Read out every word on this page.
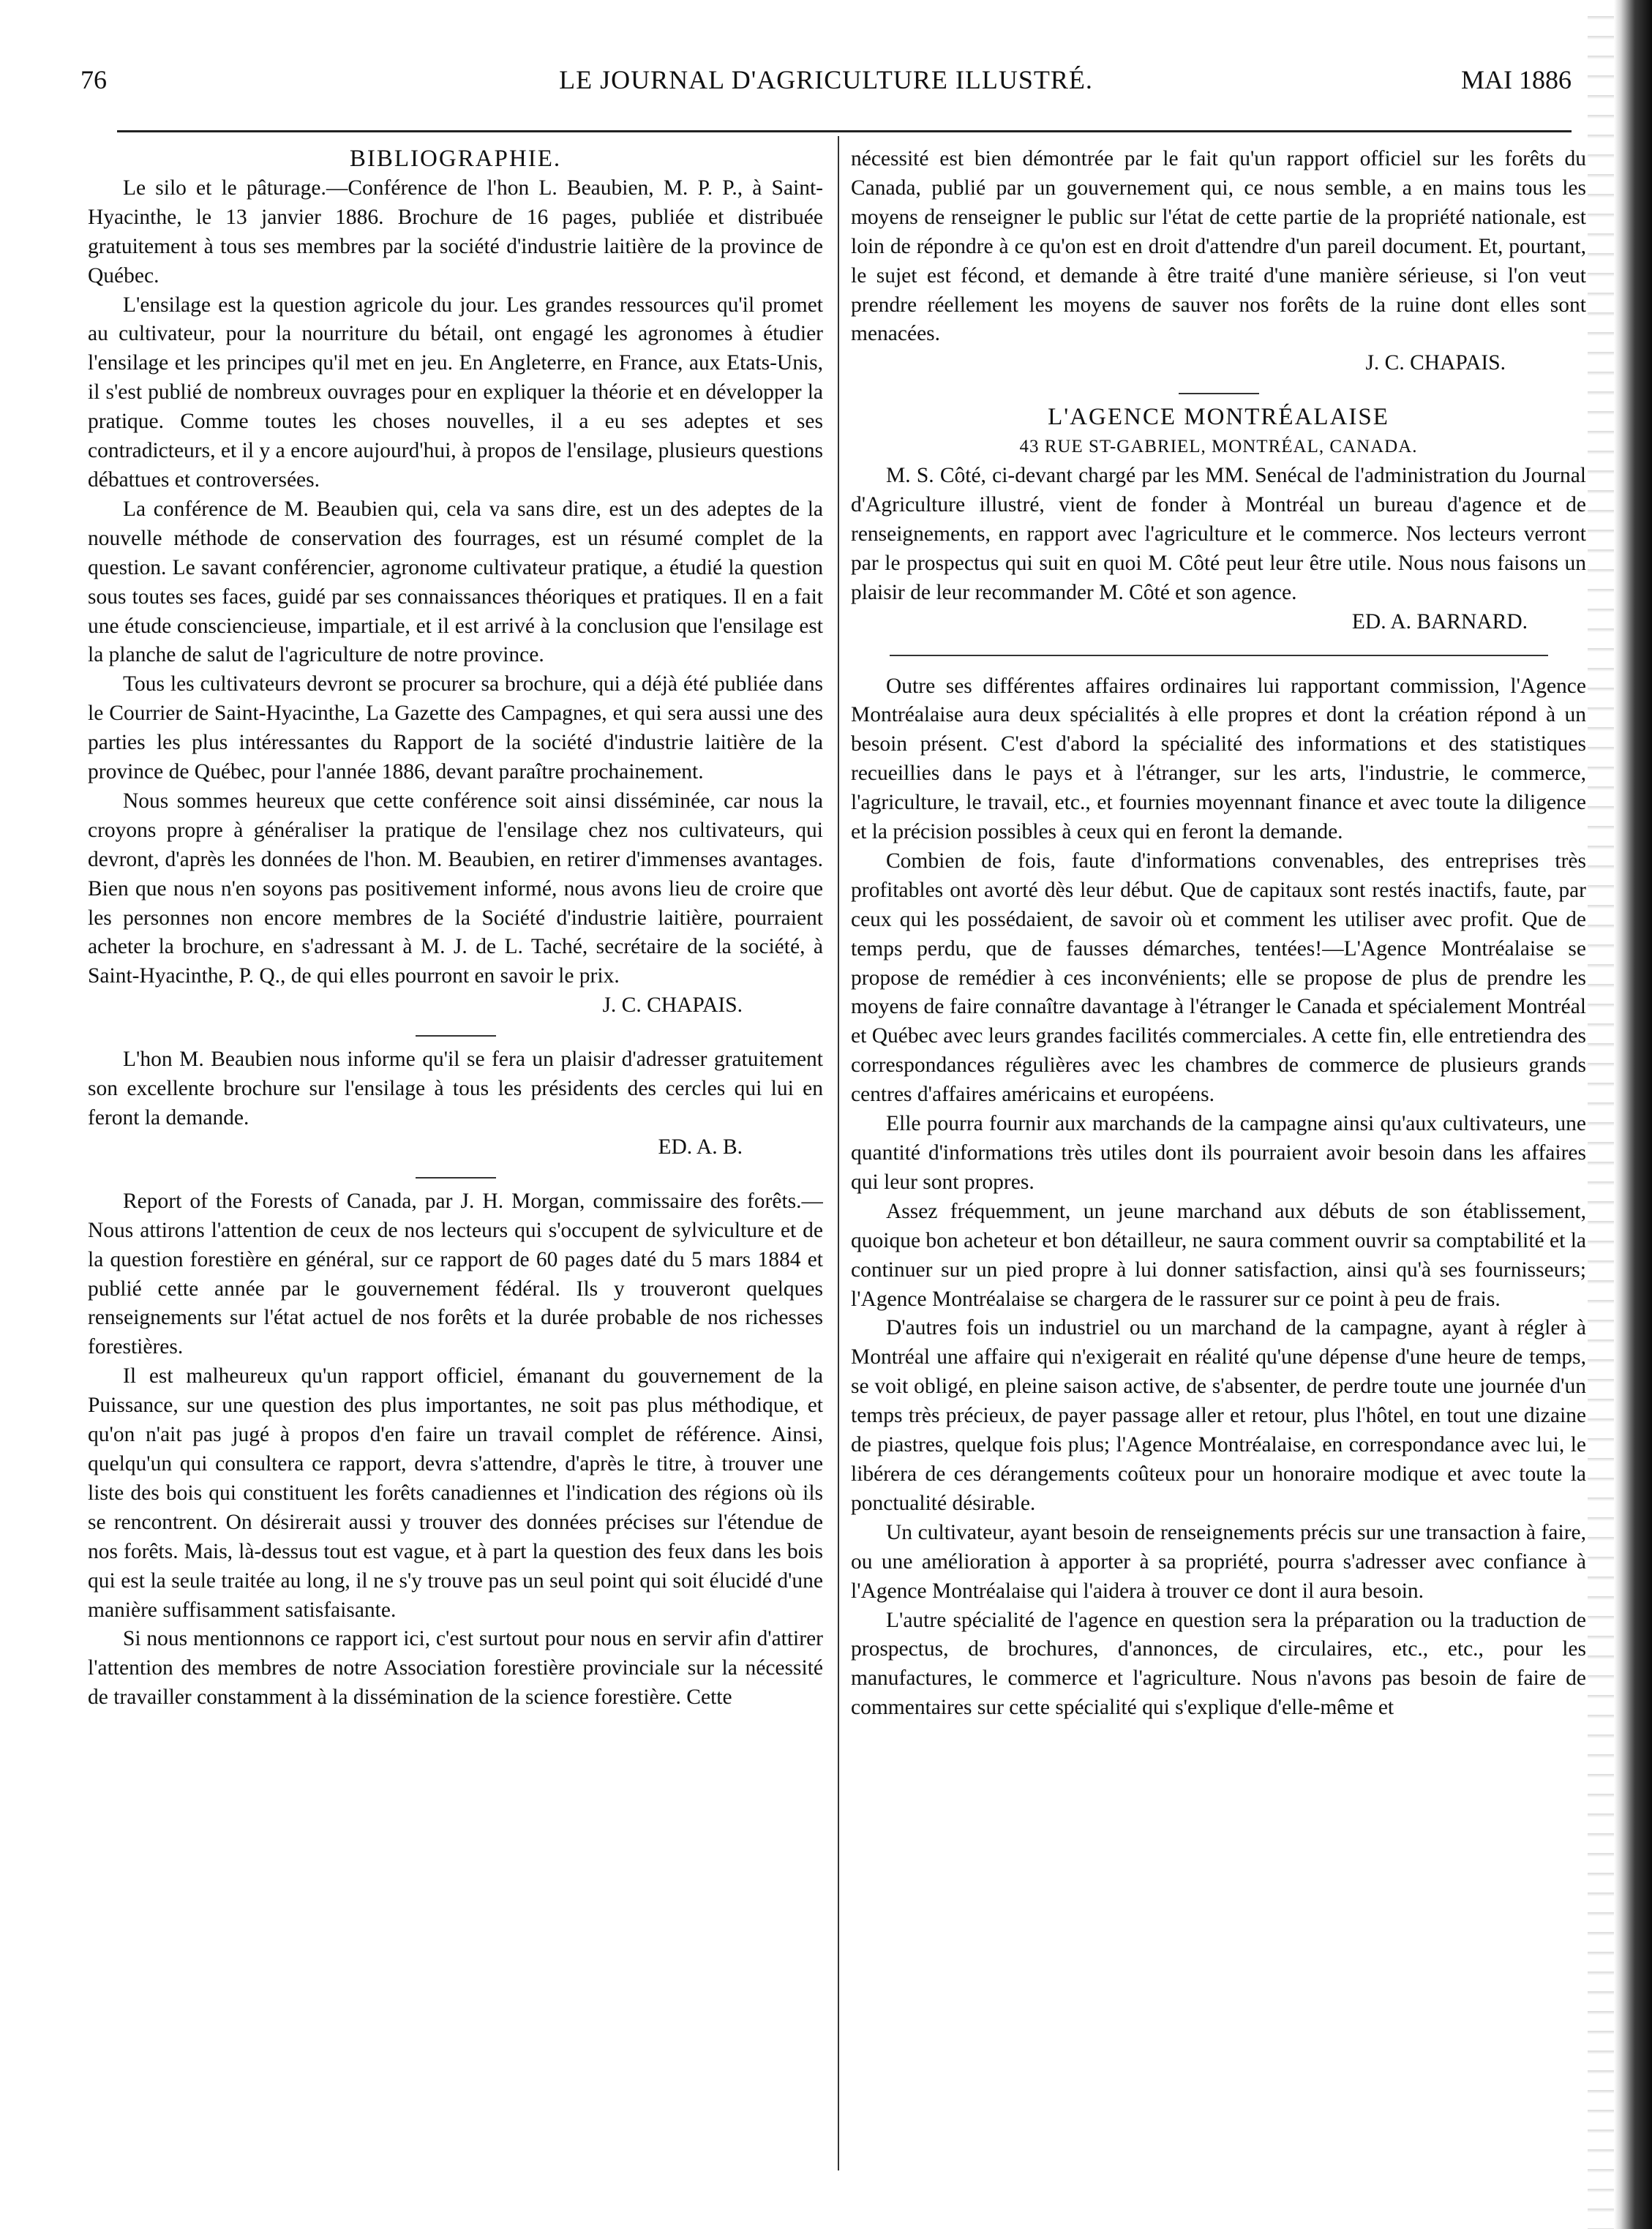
76	LE JOURNAL D'AGRICULTURE ILLUSTRÉ.	MAI 1886
BIBLIOGRAPHIE.

Le silo et le pâturage.—Conférence de l'hon L. Beaubien, M. P. P., à Saint-Hyacinthe, le 13 janvier 1886. Brochure de 16 pages, publiée et distribuée gratuitement à tous ses membres par la société d'industrie laitière de la province de Québec.

L'ensilage est la question agricole du jour. Les grandes ressources qu'il promet au cultivateur, pour la nourriture du bétail, ont engagé les agronomes à étudier l'ensilage et les principes qu'il met en jeu. En Angleterre, en France, aux Etats-Unis, il s'est publié de nombreux ouvrages pour en expliquer la théorie et en développer la pratique. Comme toutes les choses nouvelles, il a eu ses adeptes et ses contradicteurs, et il y a encore aujourd'hui, à propos de l'ensilage, plusieurs questions débattues et controversées.

La conférence de M. Beaubien qui, cela va sans dire, est un des adeptes de la nouvelle méthode de conservation des fourrages, est un résumé complet de la question. Le savant conférencier, agronome cultivateur pratique, a étudié la question sous toutes ses faces, guidé par ses connaissances théoriques et pratiques. Il en a fait une étude consciencieuse, impartiale, et il est arrivé à la conclusion que l'ensilage est la planche de salut de l'agriculture de notre province.

Tous les cultivateurs devront se procurer sa brochure, qui a déjà été publiée dans le Courrier de Saint-Hyacinthe, La Gazette des Campagnes, et qui sera aussi une des parties les plus intéressantes du Rapport de la société d'industrie laitière de la province de Québec, pour l'année 1886, devant paraître prochainement.

Nous sommes heureux que cette conférence soit ainsi disséminée, car nous la croyons propre à généraliser la pratique de l'ensilage chez nos cultivateurs, qui devront, d'après les données de l'hon. M. Beaubien, en retirer d'immenses avantages. Bien que nous n'en soyons pas positivement informé, nous avons lieu de croire que les personnes non encore membres de la Société d'industrie laitière, pourraient acheter la brochure, en s'adressant à M. J. de L. Taché, secrétaire de la société, à Saint-Hyacinthe, P. Q., de qui elles pourront en savoir le prix.

J. C. CHAPAIS.

L'hon M. Beaubien nous informe qu'il se fera un plaisir d'adresser gratuitement son excellente brochure sur l'ensilage à tous les présidents des cercles qui lui en feront la demande.

ED. A. B.

Report of the Forests of Canada, par J. H. Morgan, commissaire des forêts.—Nous attirons l'attention de ceux de nos lecteurs qui s'occupent de sylviculture et de la question forestière en général, sur ce rapport de 60 pages daté du 5 mars 1884 et publié cette année par le gouvernement fédéral. Ils y trouveront quelques renseignements sur l'état actuel de nos forêts et la durée probable de nos richesses forestières.

Il est malheureux qu'un rapport officiel, émanant du gouvernement de la Puissance, sur une question des plus importantes, ne soit pas plus méthodique, et qu'on n'ait pas jugé à propos d'en faire un travail complet de référence. Ainsi, quelqu'un qui consultera ce rapport, devra s'attendre, d'après le titre, à trouver une liste des bois qui constituent les forêts canadiennes et l'indication des régions où ils se rencontrent. On désirerait aussi y trouver des données précises sur l'étendue de nos forêts. Mais, là-dessus tout est vague, et à part la question des feux dans les bois qui est la seule traitée au long, il ne s'y trouve pas un seul point qui soit élucidé d'une manière suffisamment satisfaisante.

Si nous mentionnons ce rapport ici, c'est surtout pour nous en servir afin d'attirer l'attention des membres de notre Association forestière provinciale sur la nécessité de travailler constamment à la dissémination de la science forestière. Cette

nécessité est bien démontrée par le fait qu'un rapport officiel sur les forêts du Canada, publié par un gouvernement qui, ce nous semble, a en mains tous les moyens de renseigner le public sur l'état de cette partie de la propriété nationale, est loin de répondre à ce qu'on est en droit d'attendre d'un pareil document. Et, pourtant, le sujet est fécond, et demande à être traité d'une manière sérieuse, si l'on veut prendre réellement les moyens de sauver nos forêts de la ruine dont elles sont menacées.

J. C. CHAPAIS.
L'AGENCE MONTRÉALAISE
43 RUE ST-GABRIEL, MONTRÉAL, CANADA.

M. S. Côté, ci-devant chargé par les MM. Senécal de l'administration du Journal d'Agriculture illustré, vient de fonder à Montréal un bureau d'agence et de renseignements, en rapport avec l'agriculture et le commerce. Nos lecteurs verront par le prospectus qui suit en quoi M. Côté peut leur être utile. Nous nous faisons un plaisir de leur recommander M. Côté et son agence.

ED. A. BARNARD.

Outre ses différentes affaires ordinaires lui rapportant commission, l'Agence Montréalaise aura deux spécialités à elle propres et dont la création répond à un besoin présent. C'est d'abord la spécialité des informations et des statistiques recueillies dans le pays et à l'étranger, sur les arts, l'industrie, le commerce, l'agriculture, le travail, etc., et fournies moyennant finance et avec toute la diligence et la précision possibles à ceux qui en feront la demande.

Combien de fois, faute d'informations convenables, des entreprises très profitables ont avorté dès leur début. Que de capitaux sont restés inactifs, faute, par ceux qui les possédaient, de savoir où et comment les utiliser avec profit. Que de temps perdu, que de fausses démarches, tentées!—L'Agence Montréalaise se propose de remédier à ces inconvénients; elle se propose de plus de prendre les moyens de faire connaître davantage à l'étranger le Canada et spécialement Montréal et Québec avec leurs grandes facilités commerciales. A cette fin, elle entretiendra des correspondances régulières avec les chambres de commerce de plusieurs grands centres d'affaires américains et européens.

Elle pourra fournir aux marchands de la campagne ainsi qu'aux cultivateurs, une quantité d'informations très utiles dont ils pourraient avoir besoin dans les affaires qui leur sont propres.

Assez fréquemment, un jeune marchand aux débuts de son établissement, quoique bon acheteur et bon détailleur, ne saura comment ouvrir sa comptabilité et la continuer sur un pied propre à lui donner satisfaction, ainsi qu'à ses fournisseurs; l'Agence Montréalaise se chargera de le rassurer sur ce point à peu de frais.

D'autres fois un industriel ou un marchand de la campagne, ayant à régler à Montréal une affaire qui n'exigerait en réalité qu'une dépense d'une heure de temps, se voit obligé, en pleine saison active, de s'absenter, de perdre toute une journée d'un temps très précieux, de payer passage aller et retour, plus l'hôtel, en tout une dizaine de piastres, quelque fois plus; l'Agence Montréalaise, en correspondance avec lui, le libérera de ces dérangements coûteux pour un honoraire modique et avec toute la ponctualité désirable.

Un cultivateur, ayant besoin de renseignements précis sur une transaction à faire, ou une amélioration à apporter à sa propriété, pourra s'adresser avec confiance à l'Agence Montréalaise qui l'aidera à trouver ce dont il aura besoin.

L'autre spécialité de l'agence en question sera la préparation ou la traduction de prospectus, de brochures, d'annonces, de circulaires, etc., etc., pour les manufactures, le commerce et l'agriculture. Nous n'avons pas besoin de faire de commentaires sur cette spécialité qui s'explique d'elle-même et
